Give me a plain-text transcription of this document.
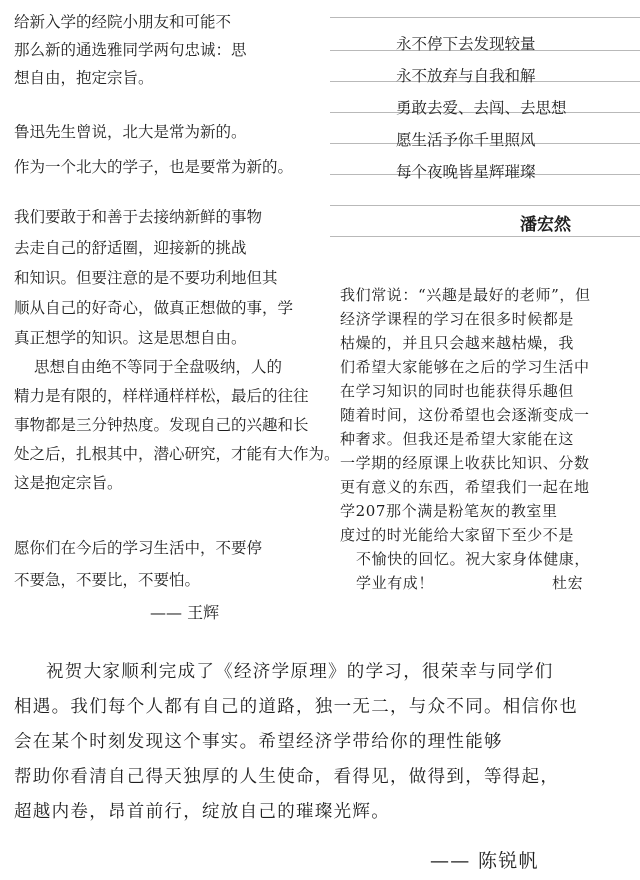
给新入学的经院小朋友和可能不
那么新的通选雅同学两句忠诚：思
想自由，抱定宗旨。
鲁迅先生曾说，北大是常为新的。
作为一个北大的学子，也是要常为新的。
我们要敢于和善于去接纳新鲜的事物
去走自己的舒适圈，迎接新的挑战
和知识。但要注意的是不要功利地但其
顺从自己的好奇心，做真正想做的事，学
真正想学的知识。这是思想自由。
思想自由绝不等同于全盘吸纳，人的
精力是有限的，样样通样样松，最后的往往
事物都是三分钟热度。发现自己的兴趣和长
处之后，扎根其中，潜心研究，才能有大作为。
这是抱定宗旨。
愿你们在今后的学习生活中，不要停
不要急，不要比，不要怕。
—— 王辉
永不停下去发现较量
永不放弃与自我和解
勇敢去爱、去闯、去思想
愿生活予你千里照风
每个夜晚皆星辉璀璨
潘宏然
我们常说：“兴趣是最好的老师”，但
经济学课程的学习在很多时候都是
枯燥的，并且只会越来越枯燥，我
们希望大家能够在之后的学习生活中
在学习知识的同时也能获得乐趣但
随着时间，这份希望也会逐渐变成一
种奢求。但我还是希望大家能在这
一学期的经原课上收获比知识、分数
更有意义的东西，希望我们一起在地
学207那个满是粉笔灰的教室里
度过的时光能给大家留下至少不是
不愉快的回忆。祝大家身体健康，
学业有成！	杜宏
祝贺大家顺利完成了《经济学原理》的学习，很荣幸与同学们
相遇。我们每个人都有自己的道路，独一无二，与众不同。相信你也
会在某个时刻发现这个事实。希望经济学带给你的理性能够
帮助你看清自己得天独厚的人生使命，看得见，做得到，等得起，
超越内卷，昂首前行，绽放自己的璀璨光辉。
—— 陈锐帆
